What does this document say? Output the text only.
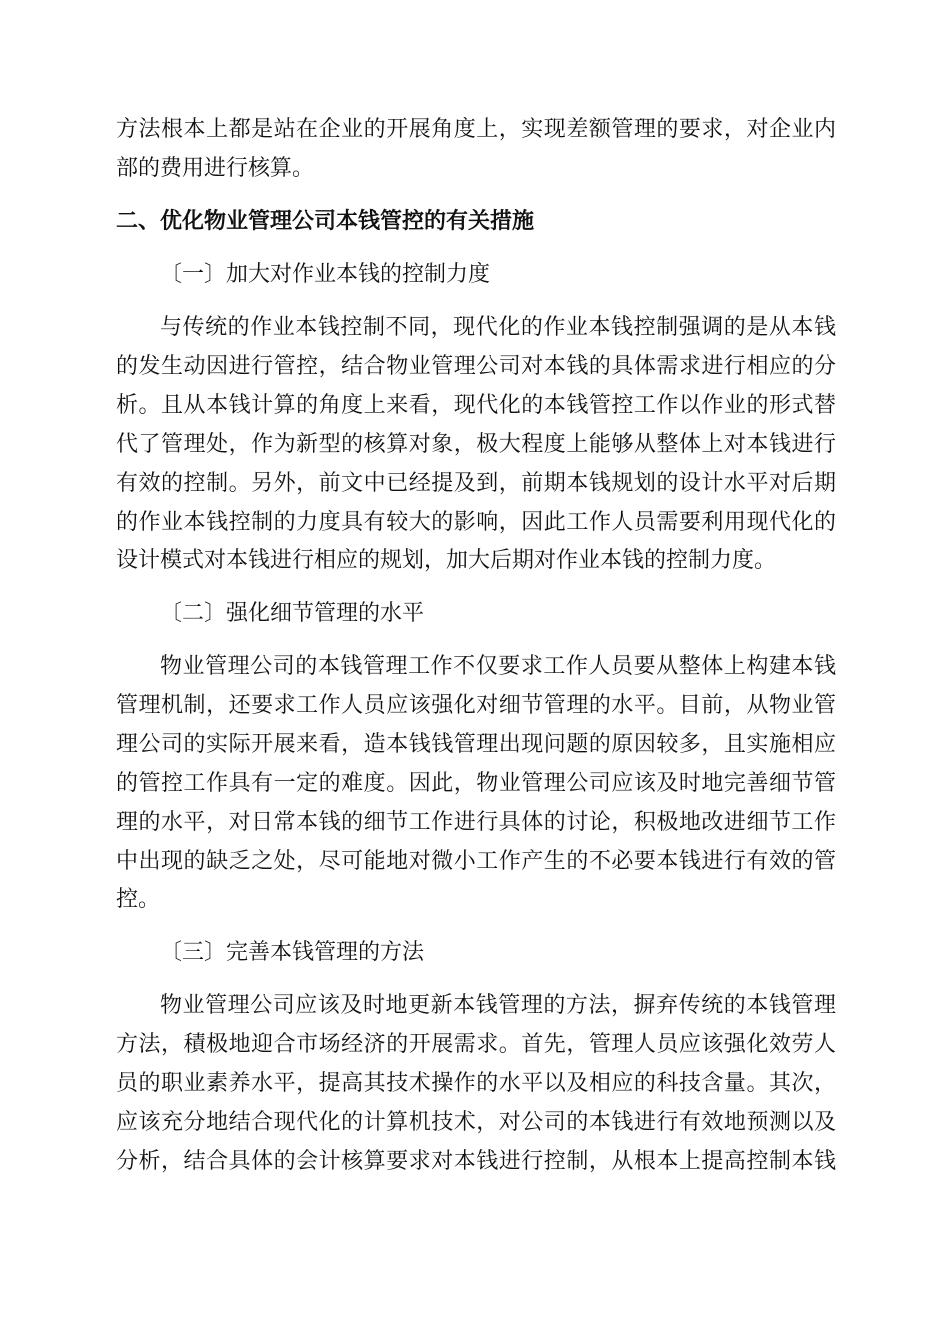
方法根本上都是站在企业的开展角度上，实现差额管理的要求，对企业内
部的费用进行核算。
二、优化物业管理公司本钱管控的有关措施
〔一〕加大对作业本钱的控制力度
与传统的作业本钱控制不同，现代化的作业本钱控制强调的是从本钱
的发生动因进行管控，结合物业管理公司对本钱的具体需求进行相应的分
析。且从本钱计算的角度上来看，现代化的本钱管控工作以作业的形式替
代了管理处，作为新型的核算对象，极大程度上能够从整体上对本钱进行
有效的控制。另外，前文中已经提及到，前期本钱规划的设计水平对后期
的作业本钱控制的力度具有较大的影响，因此工作人员需要利用现代化的
设计模式对本钱进行相应的规划，加大后期对作业本钱的控制力度。
〔二〕强化细节管理的水平
物业管理公司的本钱管理工作不仅要求工作人员要从整体上构建本钱
管理机制，还要求工作人员应该强化对细节管理的水平。目前，从物业管
理公司的实际开展来看，造本钱钱管理出现问题的原因较多，且实施相应
的管控工作具有一定的难度。因此，物业管理公司应该及时地完善细节管
理的水平，对日常本钱的细节工作进行具体的讨论，积极地改进细节工作
中出现的缺乏之处，尽可能地对微小工作产生的不必要本钱进行有效的管
控。
〔三〕完善本钱管理的方法
物业管理公司应该及时地更新本钱管理的方法，摒弃传统的本钱管理
方法，積极地迎合市场经济的开展需求。首先，管理人员应该强化效劳人
员的职业素养水平，提高其技术操作的水平以及相应的科技含量。其次，
应该充分地结合现代化的计算机技术，对公司的本钱进行有效地预测以及
分析，结合具体的会计核算要求对本钱进行控制，从根本上提高控制本钱
